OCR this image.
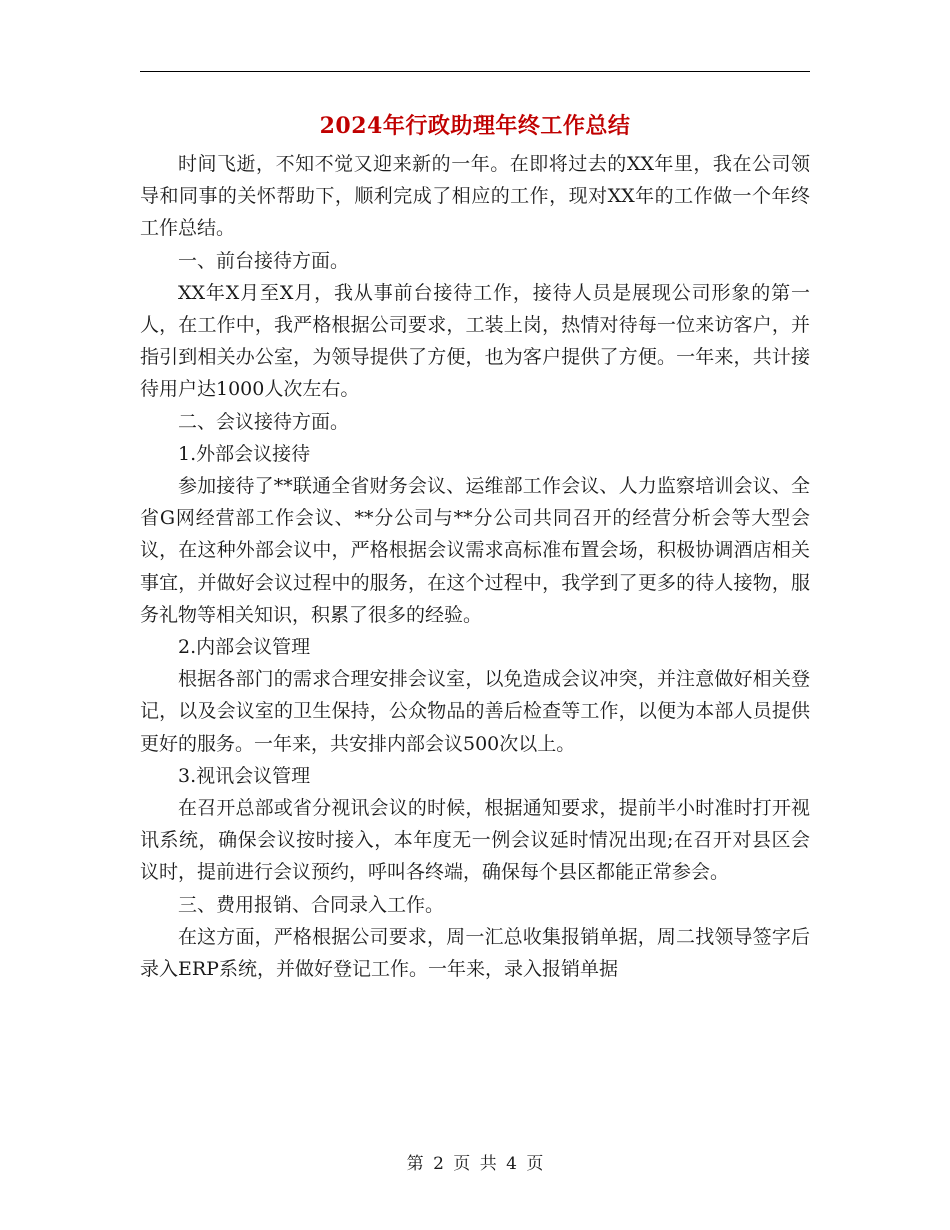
2024年行政助理年终工作总结

时间飞逝，不知不觉又迎来新的一年。在即将过去的XX年里，我在公司领导和同事的关怀帮助下，顺利完成了相应的工作，现对XX年的工作做一个年终工作总结。

一、前台接待方面。

XX年X月至X月，我从事前台接待工作，接待人员是展现公司形象的第一人，在工作中，我严格根据公司要求，工装上岗，热情对待每一位来访客户，并指引到相关办公室，为领导提供了方便，也为客户提供了方便。一年来，共计接待用户达1000人次左右。

二、会议接待方面。

1.外部会议接待

参加接待了**联通全省财务会议、运维部工作会议、人力监察培训会议、全省G网经营部工作会议、**分公司与**分公司共同召开的经营分析会等大型会议，在这种外部会议中，严格根据会议需求高标准布置会场，积极协调酒店相关事宜，并做好会议过程中的服务，在这个过程中，我学到了更多的待人接物，服务礼物等相关知识，积累了很多的经验。

2.内部会议管理

根据各部门的需求合理安排会议室，以免造成会议冲突，并注意做好相关登记，以及会议室的卫生保持，公众物品的善后检查等工作，以便为本部人员提供更好的服务。一年来，共安排内部会议500次以上。

3.视讯会议管理

在召开总部或省分视讯会议的时候，根据通知要求，提前半小时准时打开视讯系统，确保会议按时接入，本年度无一例会议延时情况出现;在召开对县区会议时，提前进行会议预约，呼叫各终端，确保每个县区都能正常参会。

三、费用报销、合同录入工作。

在这方面，严格根据公司要求，周一汇总收集报销单据，周二找领导签字后录入ERP系统，并做好登记工作。一年来，录入报销单据

第 2 页 共 4 页
